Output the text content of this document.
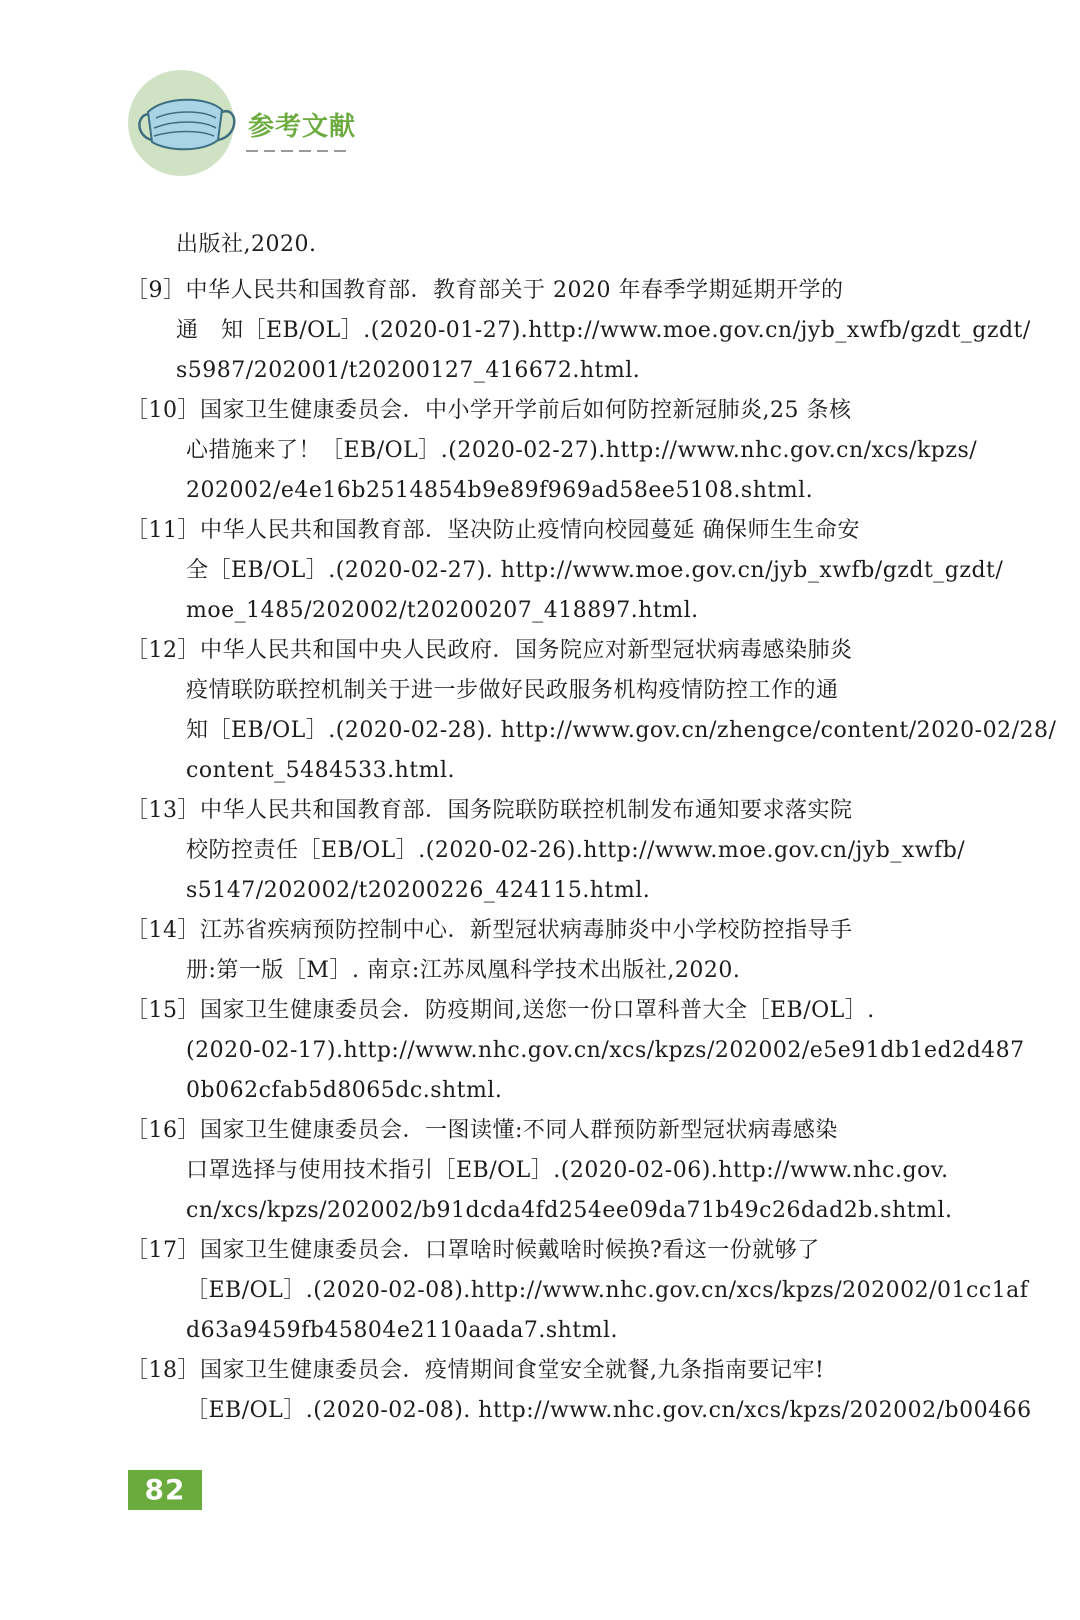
参考文献
出版社,2020.
［9］中华人民共和国教育部．教育部关于 2020 年春季学期延期开学的
通　知［EB/OL］.(2020-01-27).http://www.moe.gov.cn/jyb_xwfb/gzdt_gzdt/
s5987/202001/t20200127_416672.html.
［10］国家卫生健康委员会．中小学开学前后如何防控新冠肺炎,25 条核
心措施来了！［EB/OL］.(2020-02-27).http://www.nhc.gov.cn/xcs/kpzs/
202002/e4e16b2514854b9e89f969ad58ee5108.shtml.
［11］中华人民共和国教育部．坚决防止疫情向校园蔓延 确保师生生命安
全［EB/OL］.(2020-02-27). http://www.moe.gov.cn/jyb_xwfb/gzdt_gzdt/
moe_1485/202002/t20200207_418897.html.
［12］中华人民共和国中央人民政府．国务院应对新型冠状病毒感染肺炎
疫情联防联控机制关于进一步做好民政服务机构疫情防控工作的通
知［EB/OL］.(2020-02-28). http://www.gov.cn/zhengce/content/2020-02/28/
content_5484533.html.
［13］中华人民共和国教育部．国务院联防联控机制发布通知要求落实院
校防控责任［EB/OL］.(2020-02-26).http://www.moe.gov.cn/jyb_xwfb/
s5147/202002/t20200226_424115.html.
［14］江苏省疾病预防控制中心．新型冠状病毒肺炎中小学校防控指导手
册:第一版［M］. 南京:江苏凤凰科学技术出版社,2020.
［15］国家卫生健康委员会．防疫期间,送您一份口罩科普大全［EB/OL］.
(2020-02-17).http://www.nhc.gov.cn/xcs/kpzs/202002/e5e91db1ed2d487
0b062cfab5d8065dc.shtml.
［16］国家卫生健康委员会．一图读懂:不同人群预防新型冠状病毒感染
口罩选择与使用技术指引［EB/OL］.(2020-02-06).http://www.nhc.gov.
cn/xcs/kpzs/202002/b91dcda4fd254ee09da71b49c26dad2b.shtml.
［17］国家卫生健康委员会．口罩啥时候戴啥时候换?看这一份就够了
［EB/OL］.(2020-02-08).http://www.nhc.gov.cn/xcs/kpzs/202002/01cc1af
d63a9459fb45804e2110aada7.shtml.
［18］国家卫生健康委员会．疫情期间食堂安全就餐,九条指南要记牢!
［EB/OL］.(2020-02-08). http://www.nhc.gov.cn/xcs/kpzs/202002/b00466
82
